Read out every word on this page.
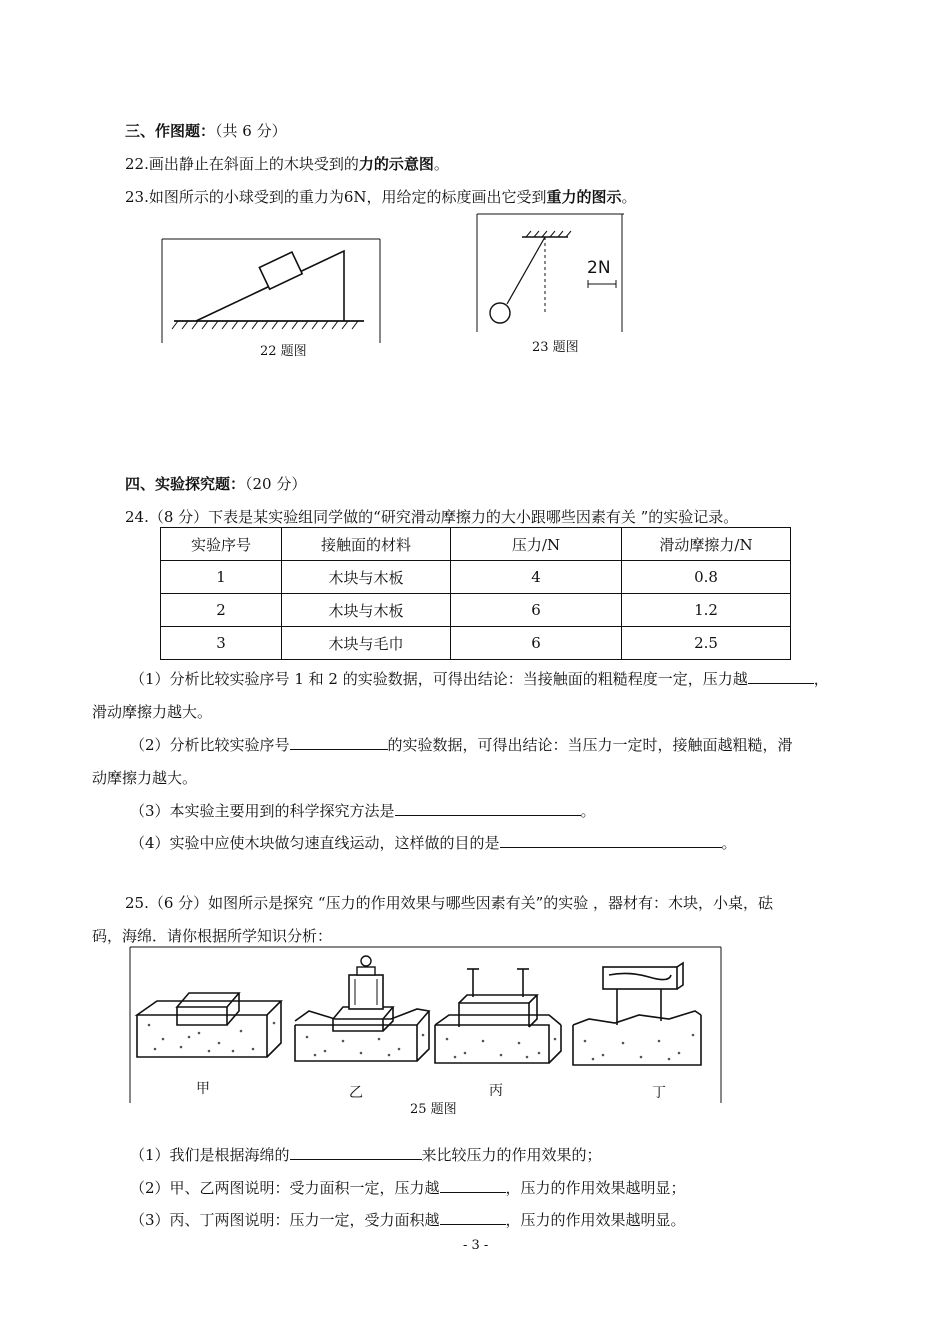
三、作图题：（共 6 分）
22.画出静止在斜面上的木块受到的力的示意图。
23.如图所示的小球受到的重力为6N，用给定的标度画出它受到重力的图示。
22 题图
2N
23 题图
四、实验探究题：（20 分）
24.（8 分）下表是某实验组同学做的“研究滑动摩擦力的大小跟哪些因素有关 ”的实验记录。
实验序号	接触面的材料	压力/N	滑动摩擦力/N
1	木块与木板	4	0.8
2	木块与木板	6	1.2
3	木块与毛巾	6	2.5
（1）分析比较实验序号 1 和 2 的实验数据，可得出结论：当接触面的粗糙程度一定，压力越	，
滑动摩擦力越大。
（2）分析比较实验序号	的实验数据，可得出结论：当压力一定时，接触面越粗糙，滑
动摩擦力越大。
（3）本实验主要用到的科学探究方法是	。
（4）实验中应使木块做匀速直线运动，这样做的目的是	。
25.（6 分）如图所示是探究 “压力的作用效果与哪些因素有关”的实验 ，器材有：木块，小桌，砝
码，海绵．请你根据所学知识分析：
甲	乙	丙	丁
25 题图
（1）我们是根据海绵的	来比较压力的作用效果的；
（2）甲、乙两图说明：受力面积一定，压力越	，压力的作用效果越明显；
（3）丙、丁两图说明：压力一定，受力面积越	，压力的作用效果越明显。
- 3 -
